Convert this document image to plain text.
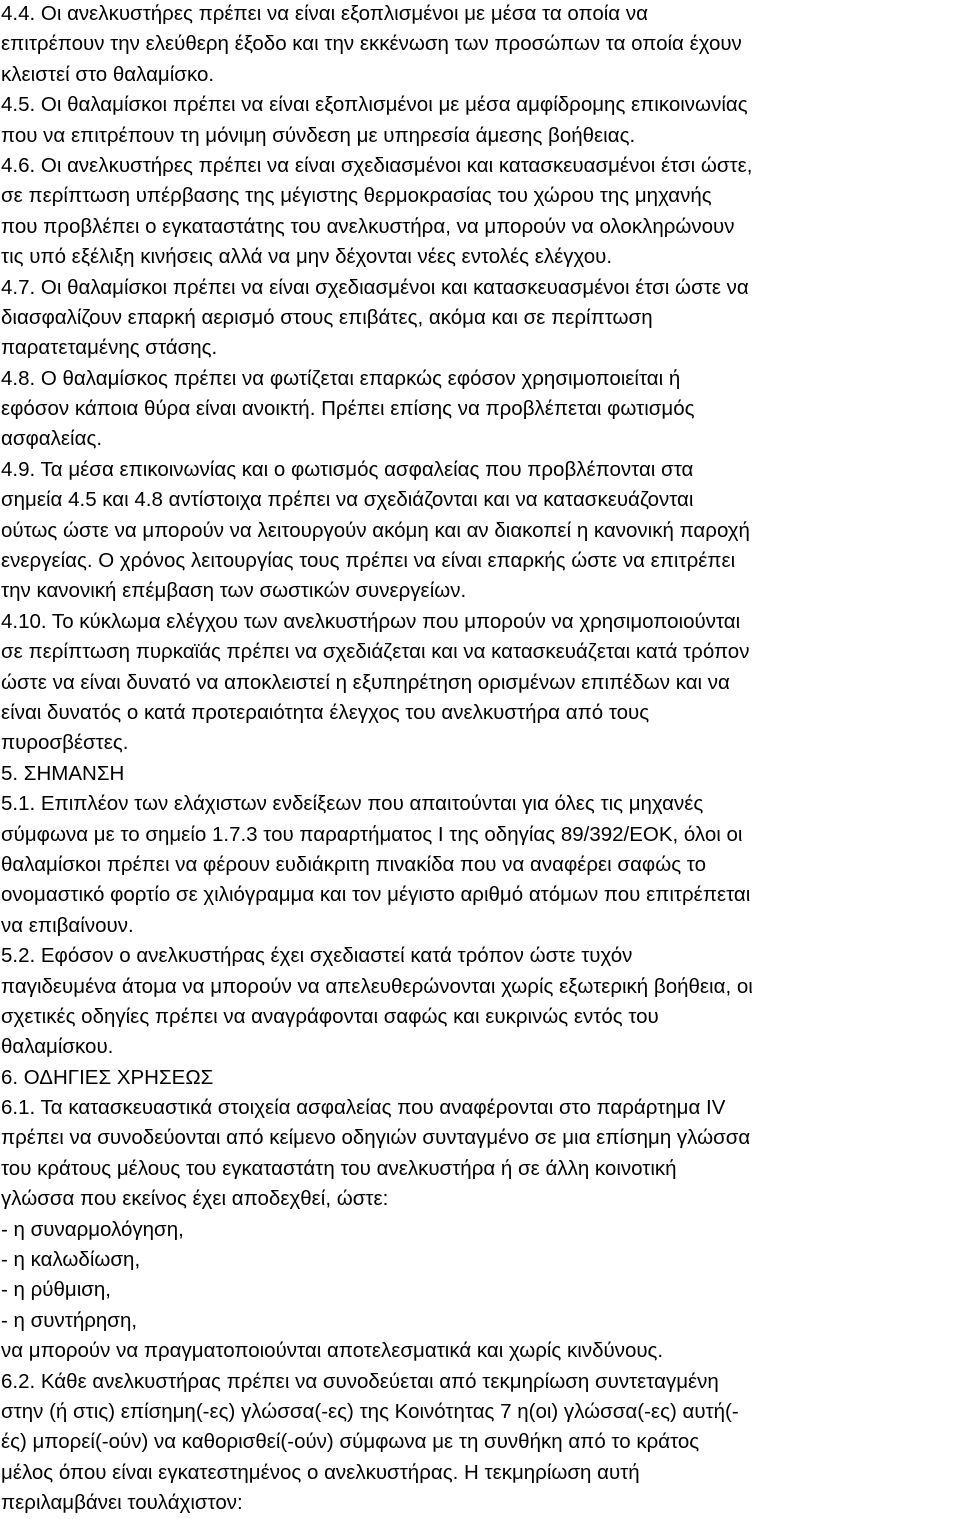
4.4. Οι ανελκυστήρες πρέπει να είναι εξοπλισμένοι με μέσα τα οποία να
επιτρέπουν την ελεύθερη έξοδο και την εκκένωση των προσώπων τα οποία έχουν
κλειστεί στο θαλαμίσκο.
4.5. Οι θαλαμίσκοι πρέπει να είναι εξοπλισμένοι με μέσα αμφίδρομης επικοινωνίας
που να επιτρέπουν τη μόνιμη σύνδεση με υπηρεσία άμεσης βοήθειας.
4.6. Οι ανελκυστήρες πρέπει να είναι σχεδιασμένοι και κατασκευασμένοι έτσι ώστε,
σε περίπτωση υπέρβασης της μέγιστης θερμοκρασίας του χώρου της μηχανής
που προβλέπει ο εγκαταστάτης του ανελκυστήρα, να μπορούν να ολοκληρώνουν
τις υπό εξέλιξη κινήσεις αλλά να μην δέχονται νέες εντολές ελέγχου.
4.7. Οι θαλαμίσκοι πρέπει να είναι σχεδιασμένοι και κατασκευασμένοι έτσι ώστε να
διασφαλίζουν επαρκή αερισμό στους επιβάτες, ακόμα και σε περίπτωση
παρατεταμένης στάσης.
4.8. Ο θαλαμίσκος πρέπει να φωτίζεται επαρκώς εφόσον χρησιμοποιείται ή
εφόσον κάποια θύρα είναι ανοικτή. Πρέπει επίσης να προβλέπεται φωτισμός
ασφαλείας.
4.9. Τα μέσα επικοινωνίας και ο φωτισμός ασφαλείας που προβλέπονται στα
σημεία 4.5 και 4.8 αντίστοιχα πρέπει να σχεδιάζονται και να κατασκευάζονται
ούτως ώστε να μπορούν να λειτουργούν ακόμη και αν διακοπεί η κανονική παροχή
ενεργείας. Ο χρόνος λειτουργίας τους πρέπει να είναι επαρκής ώστε να επιτρέπει
την κανονική επέμβαση των σωστικών συνεργείων.
4.10. Το κύκλωμα ελέγχου των ανελκυστήρων που μπορούν να χρησιμοποιούνται
σε περίπτωση πυρκαϊάς πρέπει να σχεδιάζεται και να κατασκευάζεται κατά τρόπον
ώστε να είναι δυνατό να αποκλειστεί η εξυπηρέτηση ορισμένων επιπέδων και να
είναι δυνατός ο κατά προτεραιότητα έλεγχος του ανελκυστήρα από τους
πυροσβέστες.
5. ΣΗΜΑΝΣΗ
5.1. Επιπλέον των ελάχιστων ενδείξεων που απαιτούνται για όλες τις μηχανές
σύμφωνα με το σημείο 1.7.3 του παραρτήματος Ι της οδηγίας 89/392/ΕΟΚ, όλοι οι
θαλαμίσκοι πρέπει να φέρουν ευδιάκριτη πινακίδα που να αναφέρει σαφώς το
ονομαστικό φορτίο σε χιλιόγραμμα και τον μέγιστο αριθμό ατόμων που επιτρέπεται
να επιβαίνουν.
5.2. Εφόσον ο ανελκυστήρας έχει σχεδιαστεί κατά τρόπον ώστε τυχόν
παγιδευμένα άτομα να μπορούν να απελευθερώνονται χωρίς εξωτερική βοήθεια, οι
σχετικές οδηγίες πρέπει να αναγράφονται σαφώς και ευκρινώς εντός του
θαλαμίσκου.
6. ΟΔΗΓΙΕΣ ΧΡΗΣΕΩΣ
6.1. Τα κατασκευαστικά στοιχεία ασφαλείας που αναφέρονται στο παράρτημα IV
πρέπει να συνοδεύονται από κείμενο οδηγιών συνταγμένο σε μια επίσημη γλώσσα
του κράτους μέλους του εγκαταστάτη του ανελκυστήρα ή σε άλλη κοινοτική
γλώσσα που εκείνος έχει αποδεχθεί, ώστε:
- η συναρμολόγηση,
- η καλωδίωση,
- η ρύθμιση,
- η συντήρηση,
να μπορούν να πραγματοποιούνται αποτελεσματικά και χωρίς κινδύνους.
6.2. Κάθε ανελκυστήρας πρέπει να συνοδεύεται από τεκμηρίωση συντεταγμένη
στην (ή στις) επίσημη(-ες) γλώσσα(-ες) της Κοινότητας 7 η(οι) γλώσσα(-ες) αυτή(-
ές) μπορεί(-ούν) να καθορισθεί(-ούν) σύμφωνα με τη συνθήκη από το κράτος
μέλος όπου είναι εγκατεστημένος ο ανελκυστήρας. Η τεκμηρίωση αυτή
περιλαμβάνει τουλάχιστον:
